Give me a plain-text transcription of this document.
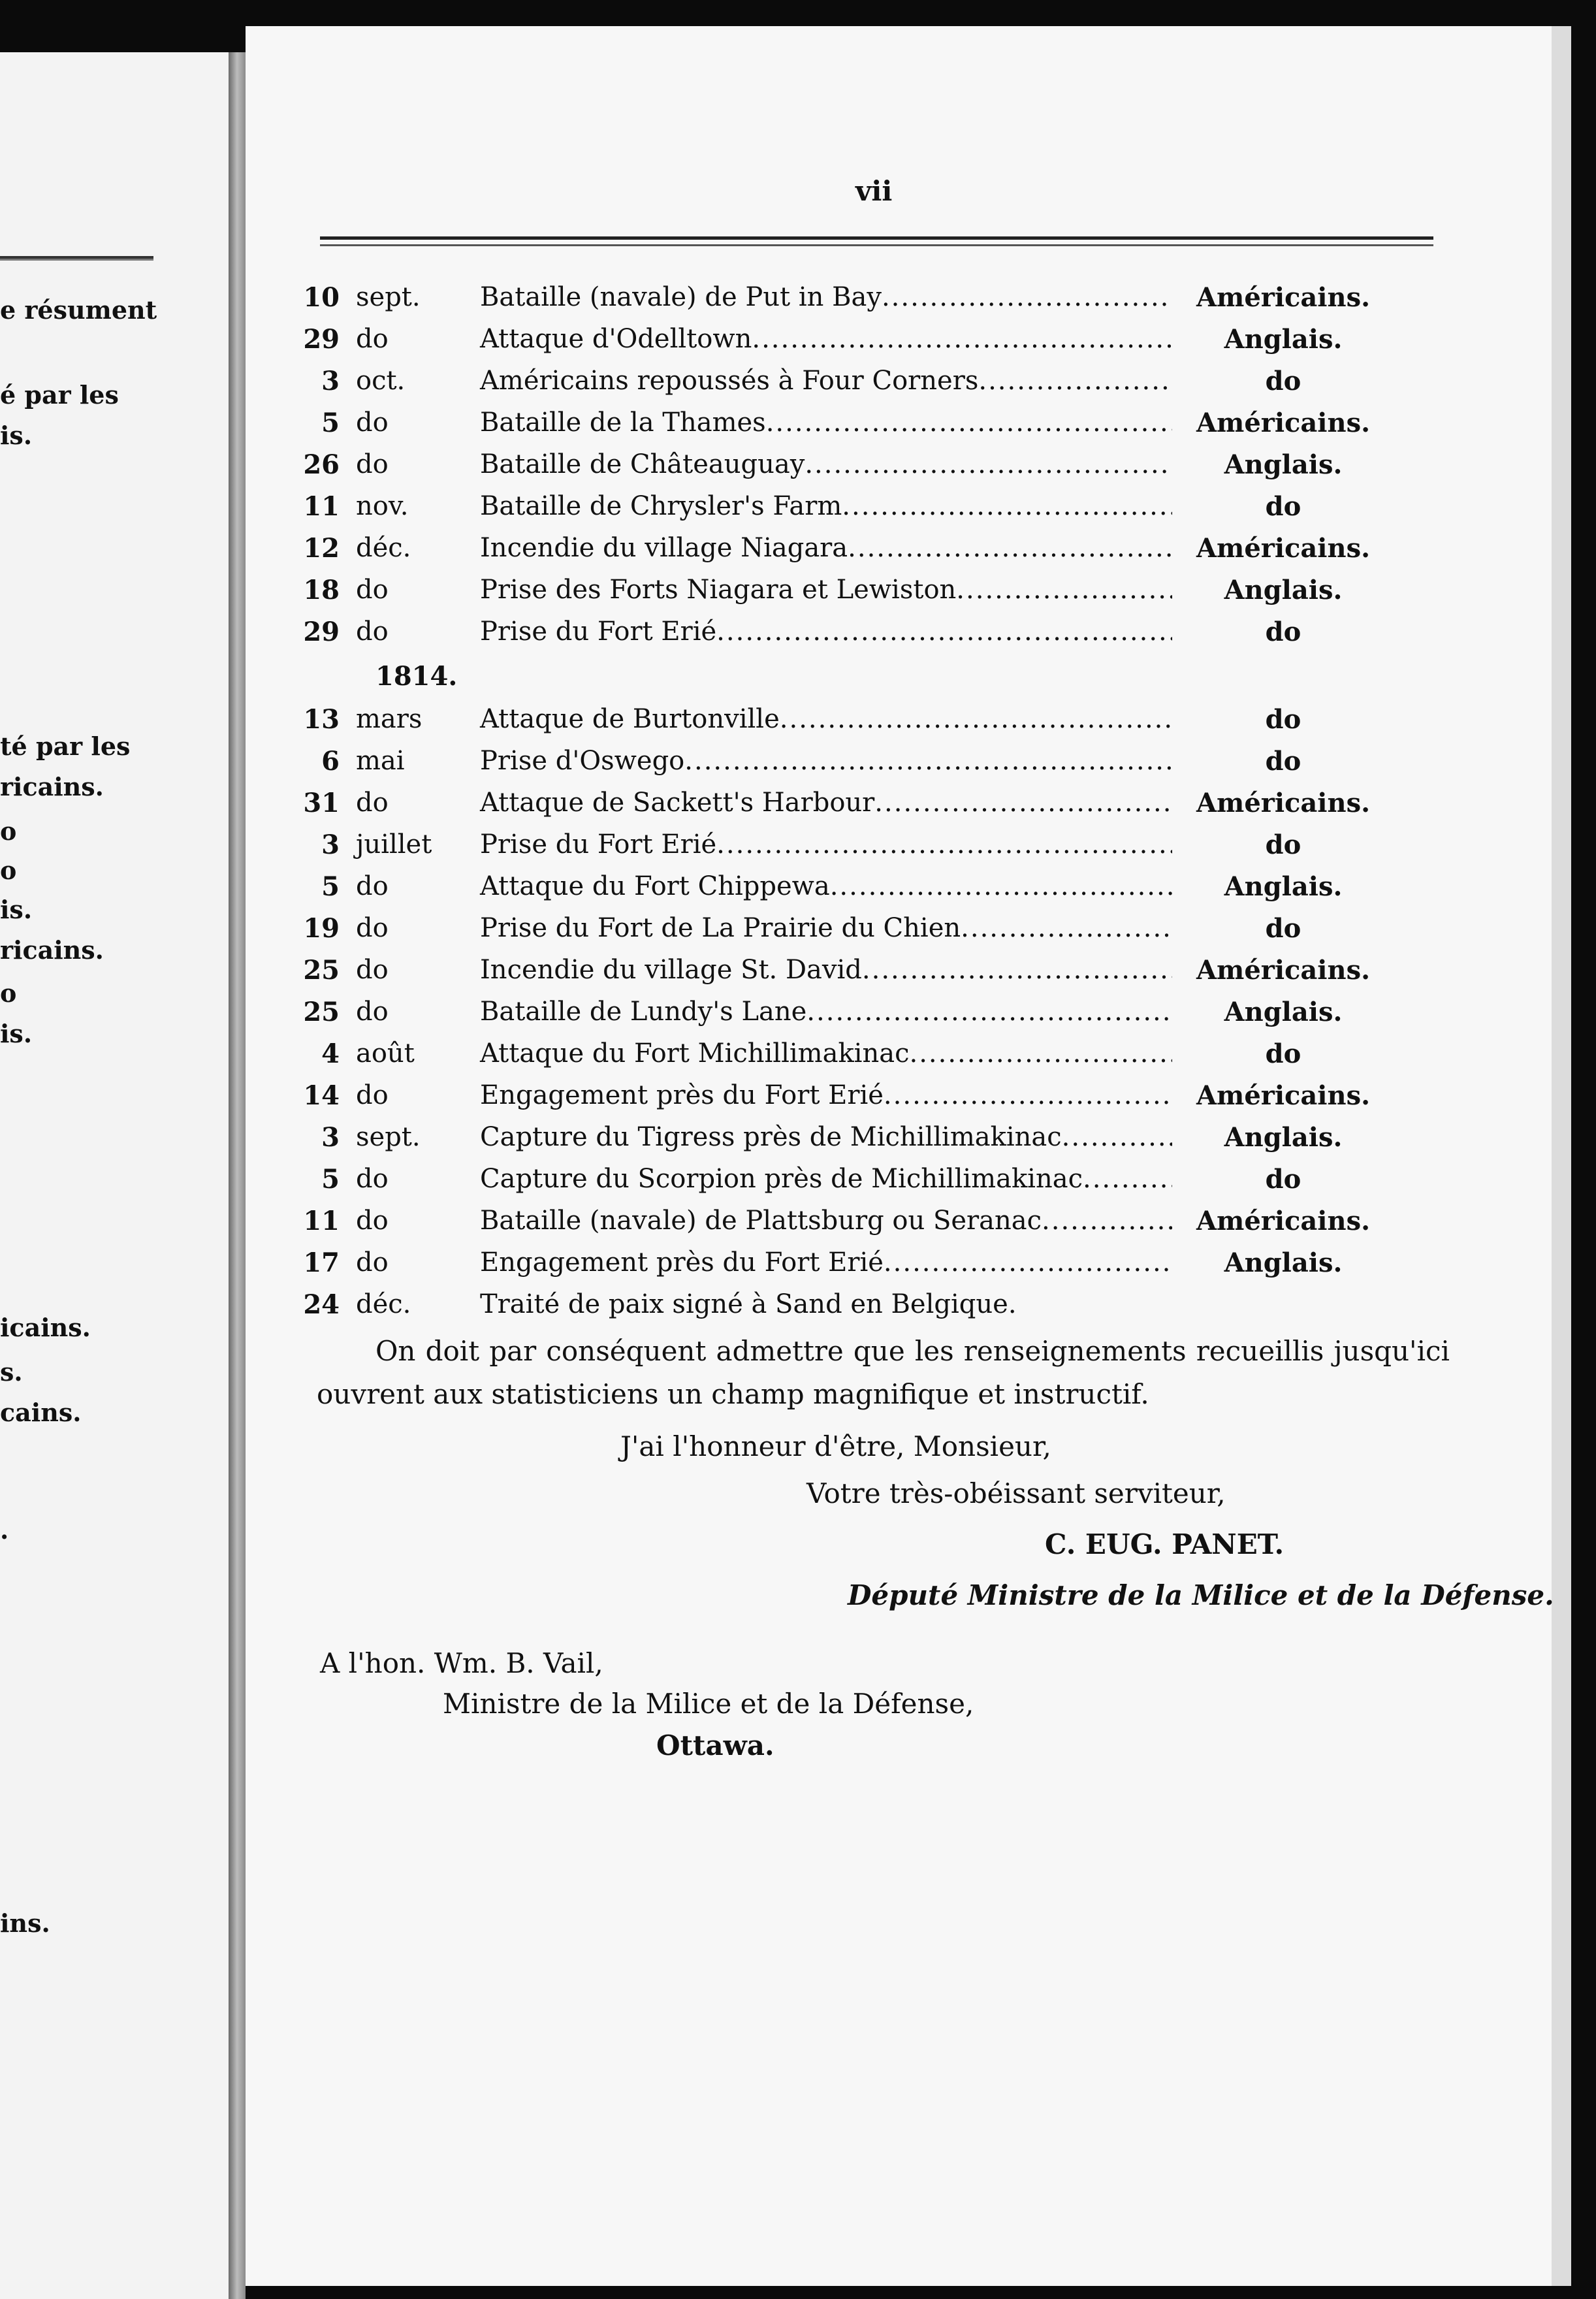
e résument
é par les
is.
té par les
ricains.
o
o
is.
ricains.
o
is.
icains.
s.
cains.
.
ins.
vii
10 sept. Bataille (navale) de Put in Bay .....	Américains.
29 do	Attaque d'Odelltown .....	Anglais.
3 oct.	Américains repoussés à Four Corners .....	do
5 do	Bataille de la Thames .....	Américains.
26 do	Bataille de Châteauguay .....	Anglais.
11 nov.	Bataille de Chrysler's Farm .....	do
12 déc.	Incendie du village Niagara .....	Américains.
18 do	Prise des Forts Niagara et Lewiston .....	Anglais.
29 do	Prise du Fort Erié .....	do
13 mars Attaque de Burtonville .....	do
6 mai	Prise d'Oswego .....	do
31 do	Attaque de Sackett's Harbour .....	Américains.
3 juillet Prise du Fort Erié .....	do
5 do	Attaque du Fort Chippewa .....	Anglais.
19 do	Prise du Fort de La Prairie du Chien .....	do
25 do	Incendie du village St. David .....	Américains.
25 do	Bataille de Lundy's Lane .....	Anglais.
4 août	Attaque du Fort Michillimakinac .....	do
14 do	Engagement près du Fort Erié .....	Américains.
3 sept. Capture du Tigress près de Michillimakinac .....	Anglais.
5 do	Capture du Scorpion près de Michillimakinac .....	do
11 do	Bataille (navale) de Plattsburg ou Seranac .....	Américains.
17 do	Engagement près du Fort Erié .....	Anglais.
24 déc.	Traité de paix signé à Sand en Belgique.
1814.
On doit par conséquent admettre que les renseignements recueillis jusqu'ici ouvrent aux statisticiens un champ magnifique et instructif.
J'ai l'honneur d'être, Monsieur,
Votre très-obéissant serviteur,
C. EUG. PANET.
Député Ministre de la Milice et de la Défense.
A l'hon. Wm. B. Vail,
Ministre de la Milice et de la Défense,
Ottawa.
